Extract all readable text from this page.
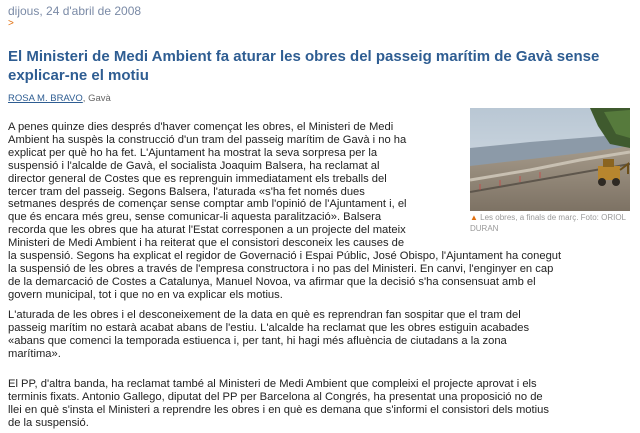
dijous, 24 d'abril de 2008
>
El Ministeri de Medi Ambient fa aturar les obres del passeig marítim de Gavà sense explicar-ne el motiu
ROSA M. BRAVO, Gavà
▲ Les obres, a finals de març. Foto: ORIOL DURAN
A penes quinze dies després d'haver començat les obres, el Ministeri de Medi
Ambient ha suspès la construcció d'un tram del passeig marítim de Gavà i no ha
explicat per què ho ha fet. L'Ajuntament ha mostrat la seva sorpresa per la
suspensió i l'alcalde de Gavà, el socialista Joaquim Balsera, ha reclamat al
director general de Costes que es reprenguin immediatament els treballs del
tercer tram del passeig. Segons Balsera, l'aturada «s'ha fet només dues
setmanes després de començar sense comptar amb l'opinió de l'Ajuntament i, el
que és encara més greu, sense comunicar-li aquesta paralització». Balsera
recorda que les obres que ha aturat l'Estat corresponen a un projecte del mateix
Ministeri de Medi Ambient i ha reiterat que el consistori desconeix les causes de
la suspensió. Segons ha explicat el regidor de Governació i Espai Públic, José Obispo, l'Ajuntament ha conegut
la suspensió de les obres a través de l'empresa constructora i no pas del Ministeri. En canvi, l'enginyer en cap
de la demarcació de Costes a Catalunya, Manuel Novoa, va afirmar que la decisió s'ha consensuat amb el
govern municipal, tot i que no en va explicar els motius.
L'aturada de les obres i el desconeixement de la data en què es reprendran fan sospitar que el tram del
passeig marítim no estarà acabat abans de l'estiu. L'alcalde ha reclamat que les obres estiguin acabades
«abans que comenci la temporada estiuenca i, per tant, hi hagi més afluència de ciutadans a la zona
marítima».
El PP, d'altra banda, ha reclamat també al Ministeri de Medi Ambient que compleixi el projecte aprovat i els
terminis fixats. Antonio Gallego, diputat del PP per Barcelona al Congrés, ha presentat una proposició no de
llei en què s'insta el Ministeri a reprendre les obres i en què es demana que s'informi el consistori dels motius
de la suspensió.
